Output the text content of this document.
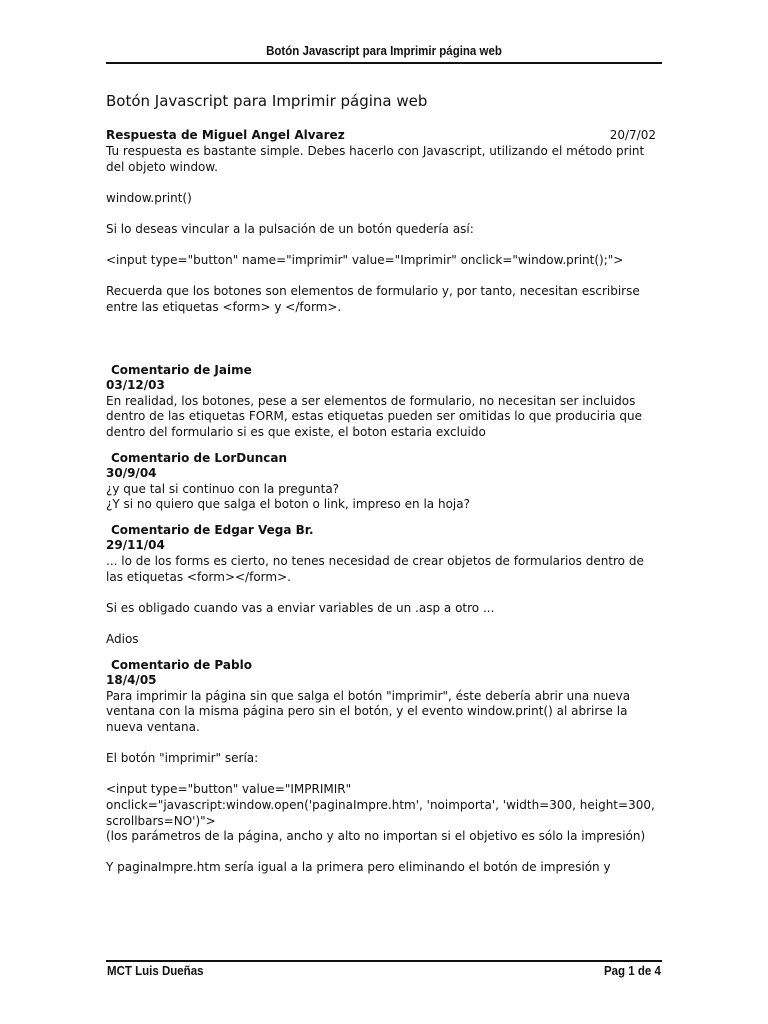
Botón Javascript para Imprimir página web
Botón Javascript para Imprimir página web
Respuesta de Miguel Angel Alvarez	20/7/02

Tu respuesta es bastante simple. Debes hacerlo con Javascript, utilizando el método print del objeto window.

window.print()

Si lo deseas vincular a la pulsación de un botón quedería así:

<input type="button" name="imprimir" value="Imprimir" onclick="window.print();">

Recuerda que los botones son elementos de formulario y, por tanto, necesitan escribirse entre las etiquetas <form> y </form>.

Comentario de Jaime

03/12/03

En realidad, los botones, pese a ser elementos de formulario, no necesitan ser incluidos dentro de las etiquetas FORM, estas etiquetas pueden ser omitidas lo que produciria que dentro del formulario si es que existe, el boton estaria excluido

Comentario de LorDuncan

30/9/04

¿y que tal si continuo con la pregunta?

¿Y si no quiero que salga el boton o link, impreso en la hoja?

Comentario de Edgar Vega Br.

29/11/04

... lo de los forms es cierto, no tenes necesidad de crear objetos de formularios dentro de las etiquetas <form></form>.

Si es obligado cuando vas a enviar variables de un .asp a otro ...

Adios

Comentario de Pablo

18/4/05

Para imprimir la página sin que salga el botón "imprimir", éste debería abrir una nueva ventana con la misma página pero sin el botón, y el evento window.print() al abrirse la nueva ventana.

El botón "imprimir" sería:

<input type="button" value="IMPRIMIR"

onclick="javascript:window.open('paginaImpre.htm', 'noimporta', 'width=300, height=300, scrollbars=NO')">

(los parámetros de la página, ancho y alto no importan si el objetivo es sólo la impresión)

Y paginaImpre.htm sería igual a la primera pero eliminando el botón de impresión y

MCT Luis Dueñas	Pag 1 de 4
